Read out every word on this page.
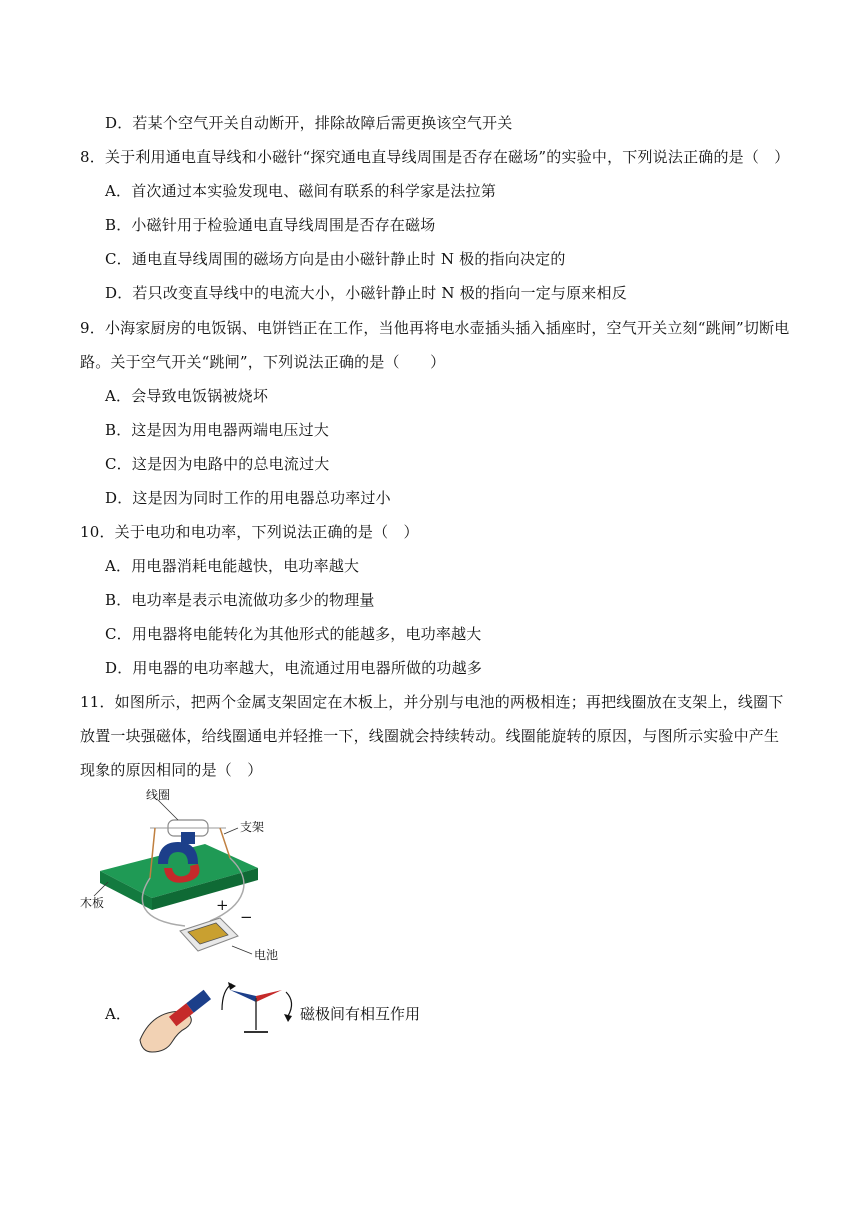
D．若某个空气开关自动断开，排除故障后需更换该空气开关
8．关于利用通电直导线和小磁针“探究通电直导线周围是否存在磁场”的实验中，下列说法正确的是（　）
A．首次通过本实验发现电、磁间有联系的科学家是法拉第
B．小磁针用于检验通电直导线周围是否存在磁场
C．通电直导线周围的磁场方向是由小磁针静止时 N 极的指向决定的
D．若只改变直导线中的电流大小，小磁针静止时 N 极的指向一定与原来相反
9．小海家厨房的电饭锅、电饼铛正在工作，当他再将电水壶插头插入插座时，空气开关立刻“跳闸”切断电
路。关于空气开关“跳闸”，下列说法正确的是（　　）
A．会导致电饭锅被烧坏
B．这是因为用电器两端电压过大
C．这是因为电路中的总电流过大
D．这是因为同时工作的用电器总功率过小
10．关于电功和电功率，下列说法正确的是（　）
A．用电器消耗电能越快，电功率越大
B．电功率是表示电流做功多少的物理量
C．用电器将电能转化为其他形式的能越多，电功率越大
D．用电器的电功率越大，电流通过用电器所做的功越多
11．如图所示，把两个金属支架固定在木板上，并分别与电池的两极相连；再把线圈放在支架上，线圈下
放置一块强磁体，给线圈通电并轻推一下，线圈就会持续转动。线圈能旋转的原因，与图所示实验中产生
现象的原因相同的是（　）
线圈
支架
木板
电池
+
−
A．	磁极间有相互作用
